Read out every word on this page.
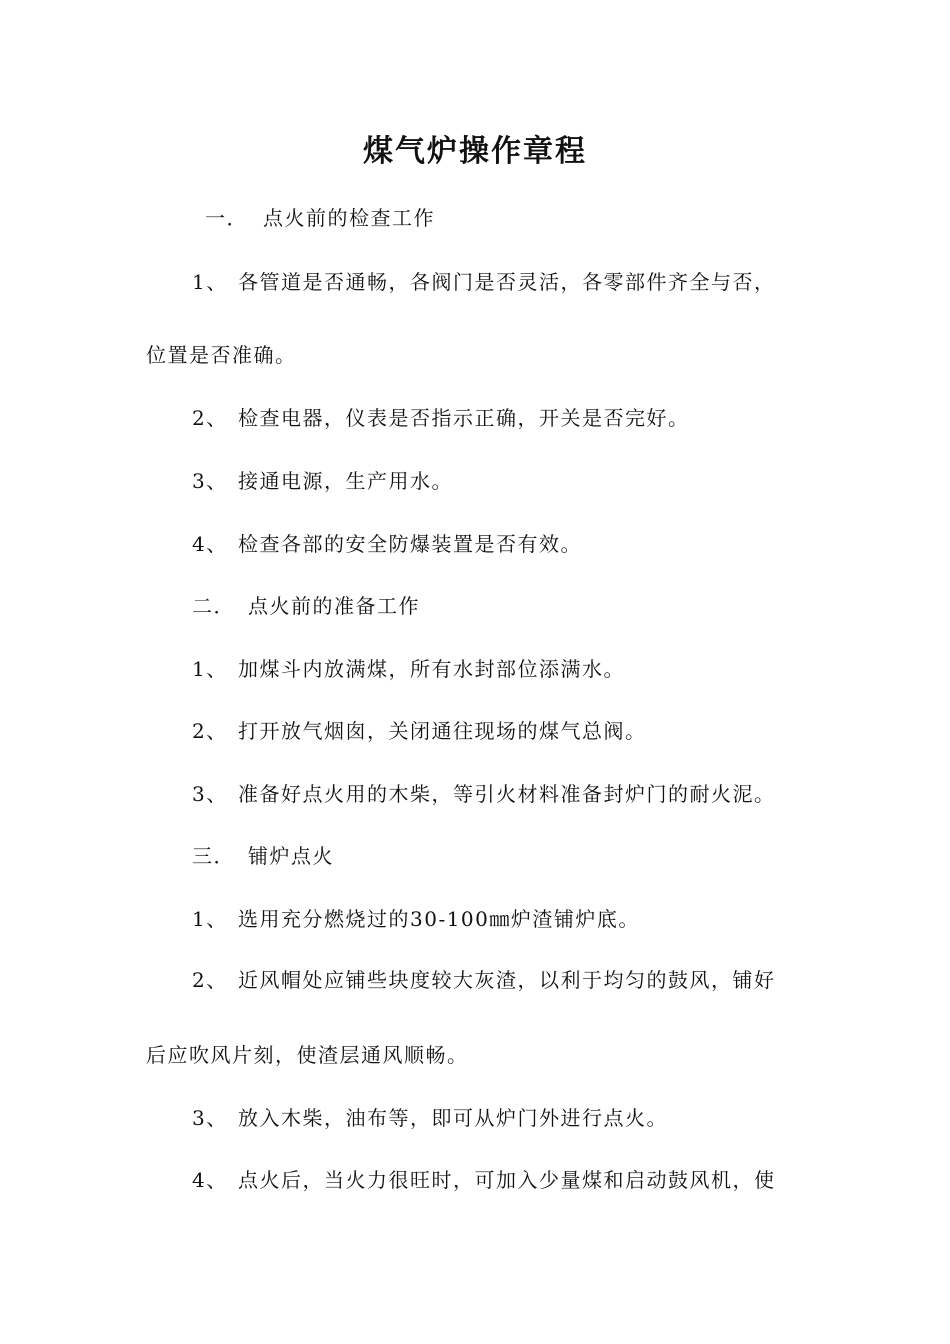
煤气炉操作章程
一． 点火前的检查工作
1、 各管道是否通畅，各阀门是否灵活，各零部件齐全与否，
位置是否准确。
2、 检查电器，仪表是否指示正确，开关是否完好。
3、 接通电源，生产用水。
4、 检查各部的安全防爆装置是否有效。
二． 点火前的准备工作
1、 加煤斗内放满煤，所有水封部位添满水。
2、 打开放气烟囱，关闭通往现场的煤气总阀。
3、 准备好点火用的木柴，等引火材料准备封炉门的耐火泥。
三． 铺炉点火
1、 选用充分燃烧过的30-100㎜炉渣铺炉底。
2、 近风帽处应铺些块度较大灰渣，以利于均匀的鼓风，铺好
后应吹风片刻，使渣层通风顺畅。
3、 放入木柴，油布等，即可从炉门外进行点火。
4、 点火后，当火力很旺时，可加入少量煤和启动鼓风机，使
